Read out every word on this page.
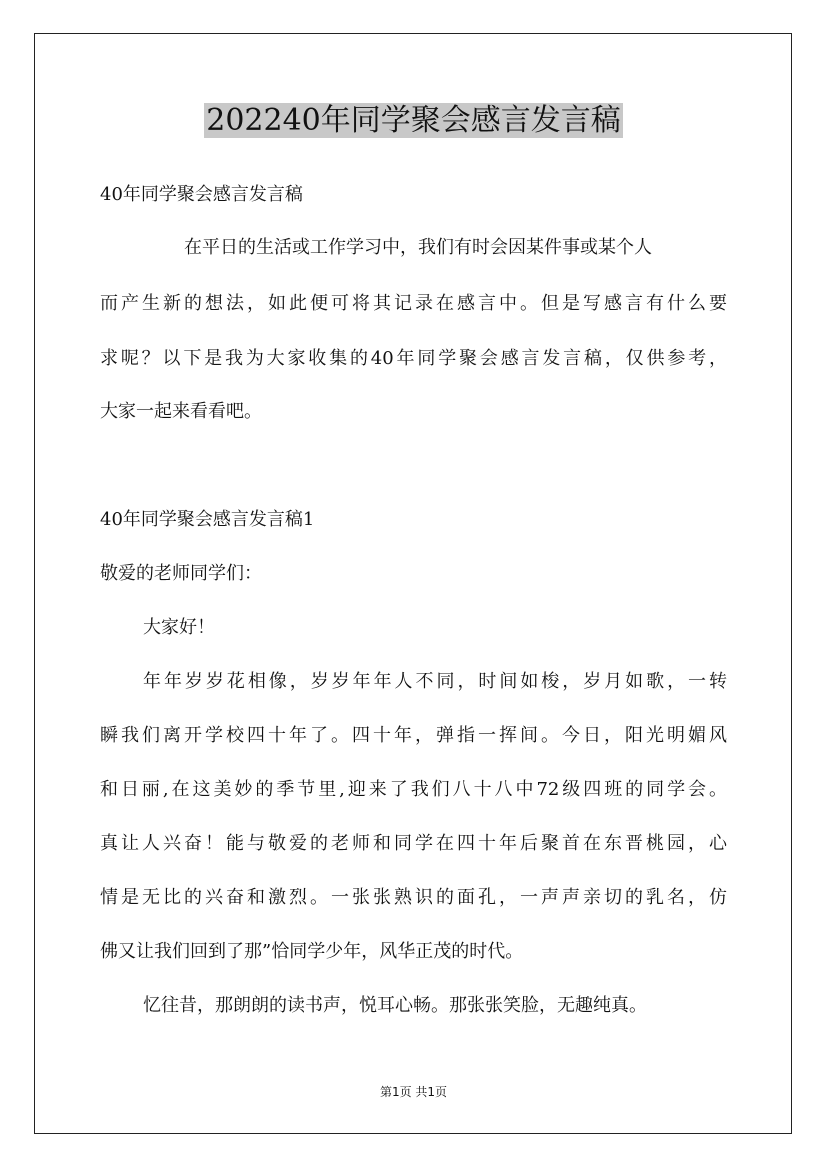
202240年同学聚会感言发言稿
40年同学聚会感言发言稿
在平日的生活或工作学习中，我们有时会因某件事或某个人
而产生新的想法，如此便可将其记录在感言中。但是写感言有什么要
求呢？以下是我为大家收集的40年同学聚会感言发言稿，仅供参考，
大家一起来看看吧。
40年同学聚会感言发言稿1
敬爱的老师同学们：
大家好！
年年岁岁花相像，岁岁年年人不同，时间如梭，岁月如歌，一转
瞬我们离开学校四十年了。四十年，弹指一挥间。今日，阳光明媚风
和日丽,在这美妙的季节里,迎来了我们八十八中72级四班的同学会。
真让人兴奋！能与敬爱的老师和同学在四十年后聚首在东晋桃园，心
情是无比的兴奋和激烈。一张张熟识的面孔，一声声亲切的乳名，仿
佛又让我们回到了那”恰同学少年，风华正茂的时代。
忆往昔，那朗朗的读书声，悦耳心畅。那张张笑脸，无趣纯真。
第1页 共1页
